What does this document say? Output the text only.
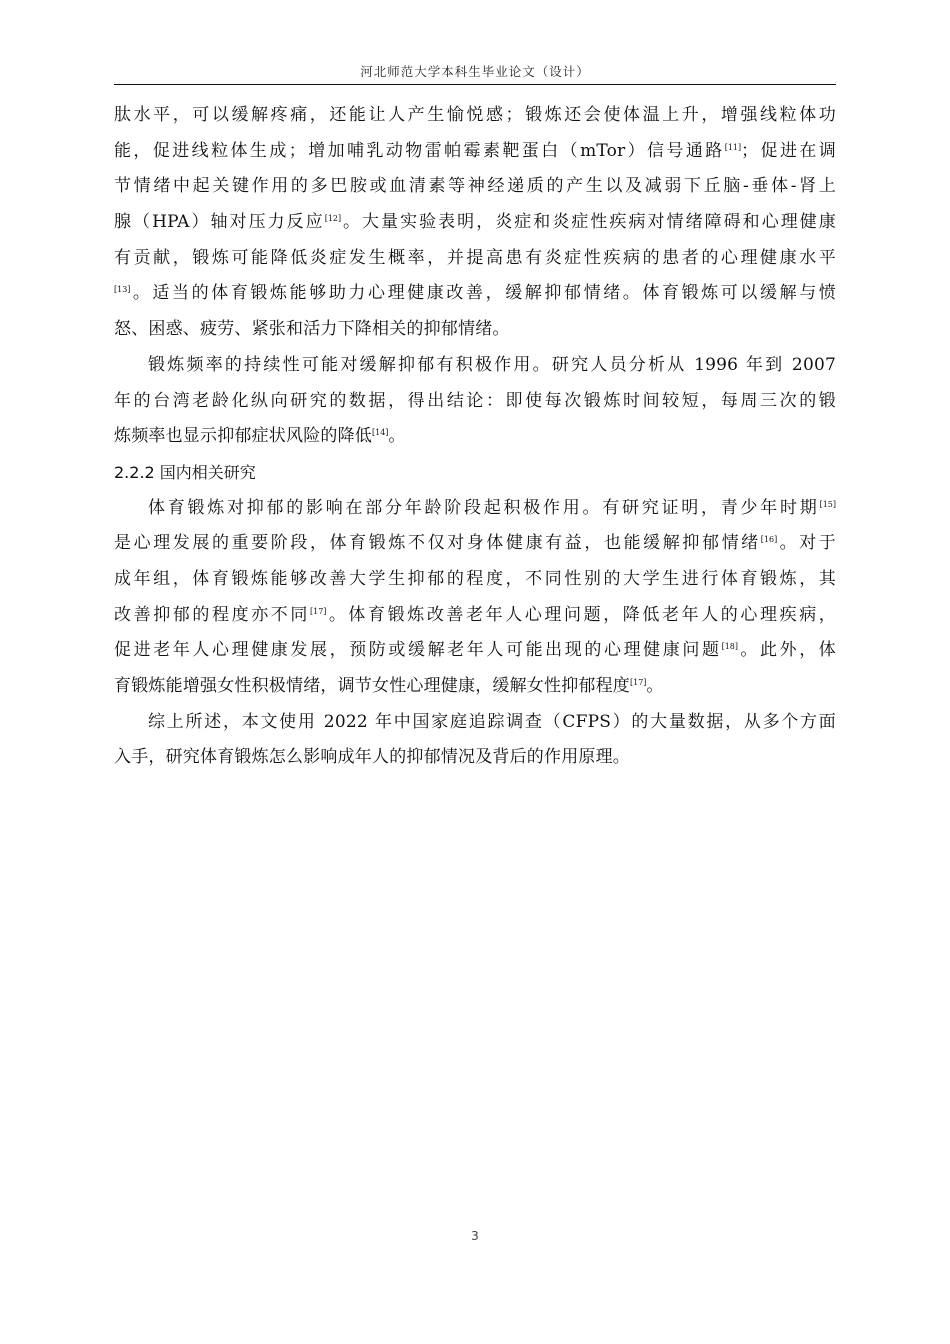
河北师范大学本科生毕业论文（设计）
肽水平，可以缓解疼痛，还能让人产生愉悦感；锻炼还会使体温上升，增强线粒体功
能，促进线粒体生成；增加哺乳动物雷帕霉素靶蛋白（mTor）信号通路[11]；促进在调
节情绪中起关键作用的多巴胺或血清素等神经递质的产生以及减弱下丘脑-垂体-肾上
腺（HPA）轴对压力反应[12]。大量实验表明，炎症和炎症性疾病对情绪障碍和心理健康
有贡献，锻炼可能降低炎症发生概率，并提高患有炎症性疾病的患者的心理健康水平
[13]。适当的体育锻炼能够助力心理健康改善，缓解抑郁情绪。体育锻炼可以缓解与愤
怒、困惑、疲劳、紧张和活力下降相关的抑郁情绪。
锻炼频率的持续性可能对缓解抑郁有积极作用。研究人员分析从 1996 年到 2007
年的台湾老龄化纵向研究的数据，得出结论：即使每次锻炼时间较短，每周三次的锻
炼频率也显示抑郁症状风险的降低[14]。
2.2.2 国内相关研究
体育锻炼对抑郁的影响在部分年龄阶段起积极作用。有研究证明，青少年时期[15]
是心理发展的重要阶段，体育锻炼不仅对身体健康有益，也能缓解抑郁情绪[16]。对于
成年组，体育锻炼能够改善大学生抑郁的程度，不同性别的大学生进行体育锻炼，其
改善抑郁的程度亦不同[17]。体育锻炼改善老年人心理问题，降低老年人的心理疾病，
促进老年人心理健康发展，预防或缓解老年人可能出现的心理健康问题[18]。此外，体
育锻炼能增强女性积极情绪，调节女性心理健康，缓解女性抑郁程度[17]。
综上所述，本文使用 2022 年中国家庭追踪调查（CFPS）的大量数据，从多个方面
入手，研究体育锻炼怎么影响成年人的抑郁情况及背后的作用原理。
3
